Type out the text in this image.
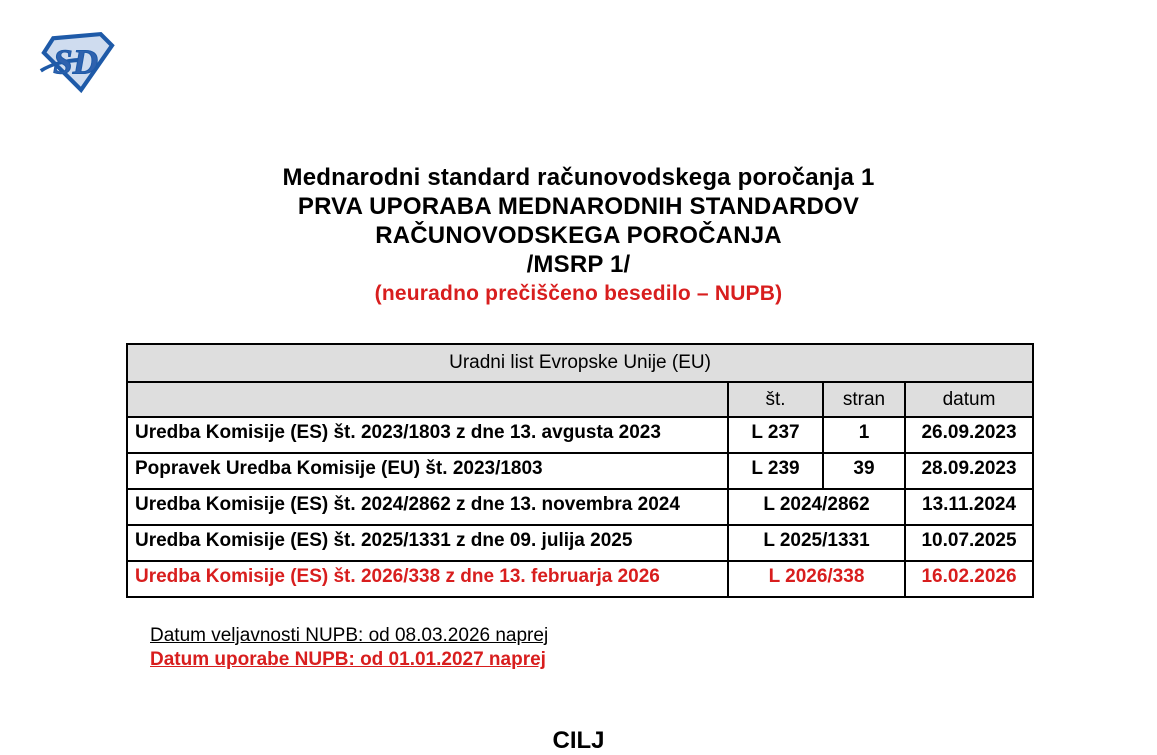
SD
Mednarodni standard računovodskega poročanja 1
PRVA UPORABA MEDNARODNIH STANDARDOV
RAČUNOVODSKEGA POROČANJA
/MSRP 1/
(neuradno prečiščeno besedilo – NUPB)
Uradni list Evropske Unije (EU)			
	št.	stran	datum
Uredba Komisije (ES) št. 2023/1803 z dne 13. avgusta 2023	L 237	1	26.09.2023
Popravek Uredba Komisije (EU) št. 2023/1803	L 239	39	28.09.2023
Uredba Komisije (ES) št. 2024/2862 z dne 13. novembra 2024	L 2024/2862		13.11.2024
Uredba Komisije (ES) št. 2025/1331 z dne 09. julija 2025	L 2025/1331		10.07.2025
Uredba Komisije (ES) št. 2026/338 z dne 13. februarja 2026	L 2026/338		16.02.2026
Datum veljavnosti NUPB: od 08.03.2026 naprej
Datum uporabe NUPB: od 01.01.2027 naprej
CILJ
